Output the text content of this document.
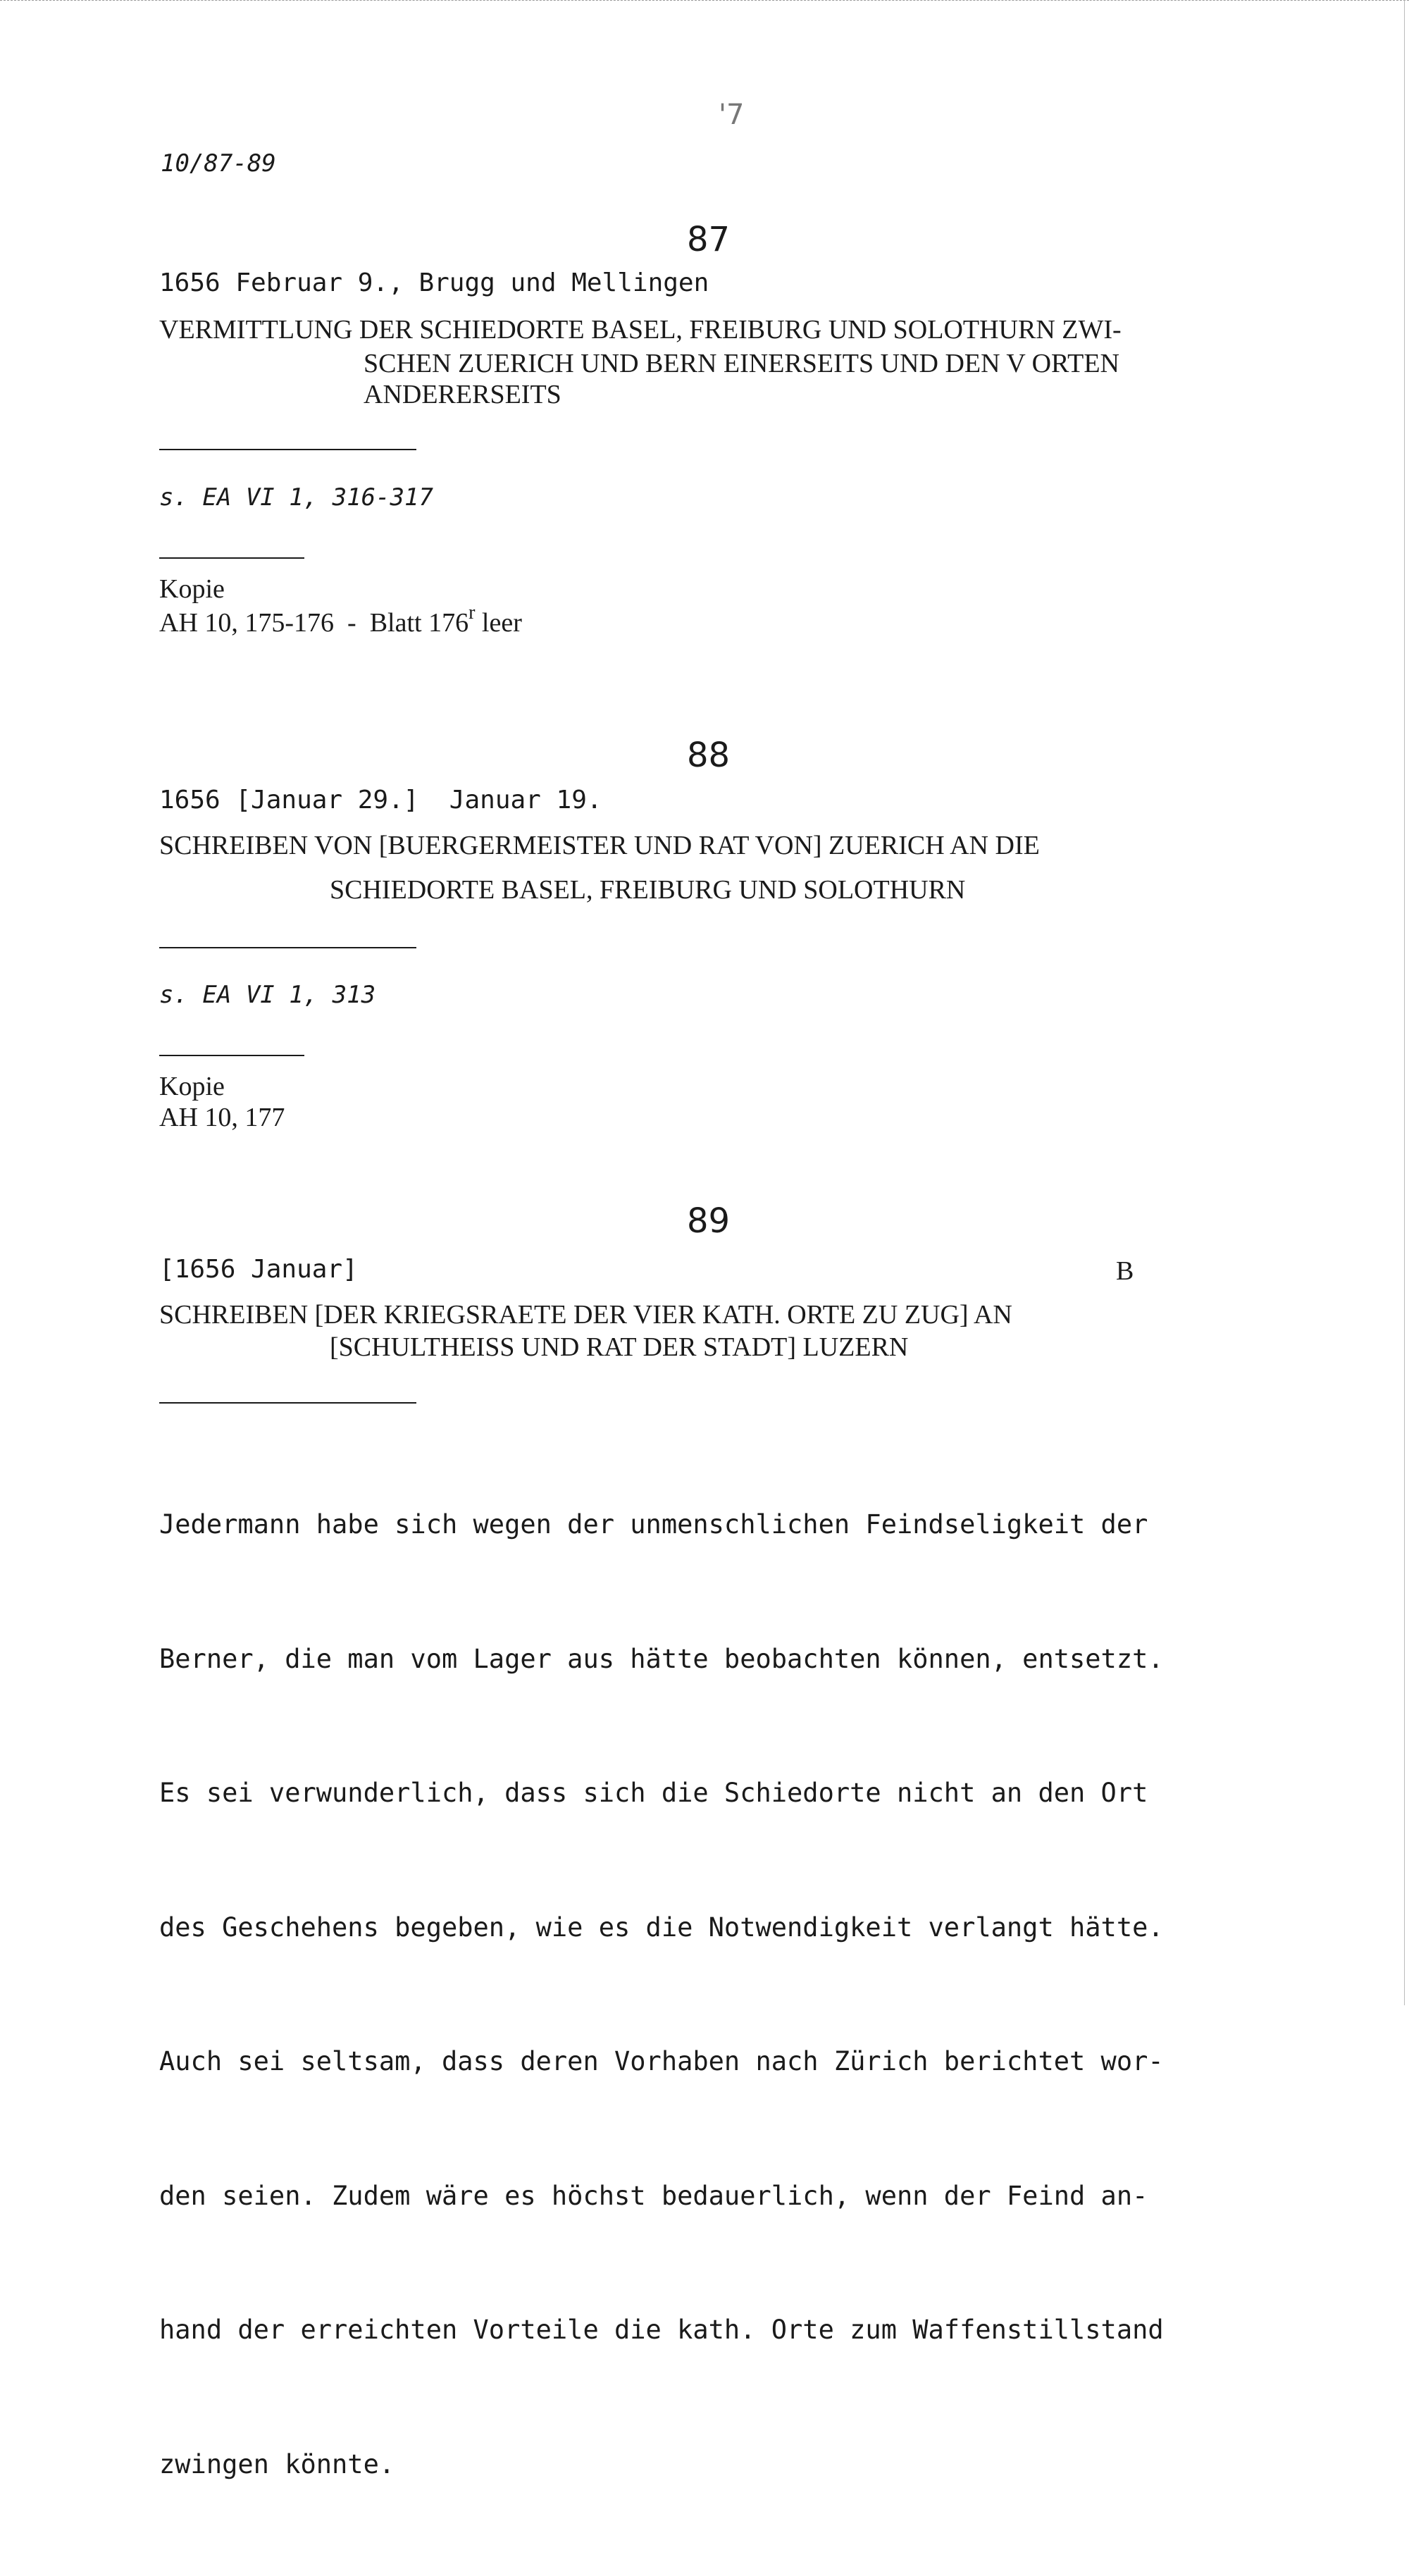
'7
10/87-89
87
1656 Februar 9., Brugg und Mellingen
VERMITTLUNG DER SCHIEDORTE BASEL, FREIBURG UND SOLOTHURN ZWI-
SCHEN ZUERICH UND BERN EINERSEITS UND DEN V ORTEN
ANDERERSEITS
s. EA VI 1, 316-317
Kopie
AH 10, 175-176  -  Blatt 176$^r$ leer
88
1656 [Januar 29.]  Januar 19.
SCHREIBEN VON [BUERGERMEISTER UND RAT VON] ZUERICH AN DIE
SCHIEDORTE BASEL, FREIBURG UND SOLOTHURN
s. EA VI 1, 313
Kopie
AH 10, 177
89
[1656 Januar]	B
SCHREIBEN [DER KRIEGSRAETE DER VIER KATH. ORTE ZU ZUG] AN
[SCHULTHEISS UND RAT DER STADT] LUZERN

Jedermann habe sich wegen der unmenschlichen Feindseligkeit der

Berner, die man vom Lager aus hätte beobachten können, entsetzt.

Es sei verwunderlich, dass sich die Schiedorte nicht an den Ort

des Geschehens begeben, wie es die Notwendigkeit verlangt hätte.

Auch sei seltsam, dass deren Vorhaben nach Zürich berichtet wor-

den seien. Zudem wäre es höchst bedauerlich, wenn der Feind an-

hand der erreichten Vorteile die kath. Orte zum Waffenstillstand

zwingen könnte.
